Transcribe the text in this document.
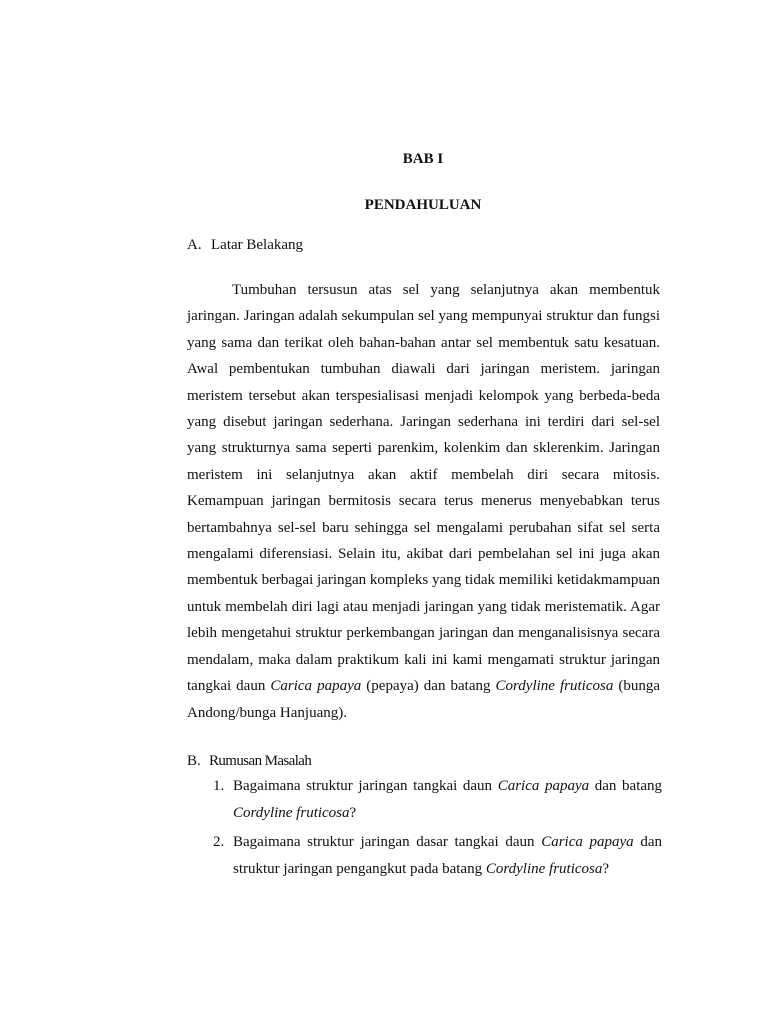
BAB I
PENDAHULUAN
A. Latar Belakang

Tumbuhan tersusun atas sel yang selanjutnya akan membentuk jaringan. Jaringan adalah sekumpulan sel yang mempunyai struktur dan fungsi yang sama dan terikat oleh bahan-bahan antar sel membentuk satu kesatuan. Awal pembentukan tumbuhan diawali dari jaringan meristem. jaringan meristem tersebut akan terspesialisasi menjadi kelompok yang berbeda-beda yang disebut jaringan sederhana. Jaringan sederhana ini terdiri dari sel-sel yang strukturnya sama seperti parenkim, kolenkim dan sklerenkim. Jaringan meristem ini selanjutnya akan aktif membelah diri secara mitosis. Kemampuan jaringan bermitosis secara terus menerus menyebabkan terus bertambahnya sel-sel baru sehingga sel mengalami perubahan sifat sel serta mengalami diferensiasi. Selain itu, akibat dari pembelahan sel ini juga akan membentuk berbagai jaringan kompleks yang tidak memiliki ketidakmampuan untuk membelah diri lagi atau menjadi jaringan yang tidak meristematik. Agar lebih mengetahui struktur perkembangan jaringan dan menganalisisnya secara mendalam, maka dalam praktikum kali ini kami mengamati struktur jaringan tangkai daun Carica papaya (pepaya) dan batang Cordyline fruticosa (bunga Andong/bunga Hanjuang).

B. Rumusan Masalah
1. Bagaimana struktur jaringan tangkai daun Carica papaya dan batang Cordyline fruticosa?
2. Bagaimana struktur jaringan dasar tangkai daun Carica papaya dan struktur jaringan pengangkut pada batang Cordyline fruticosa?
